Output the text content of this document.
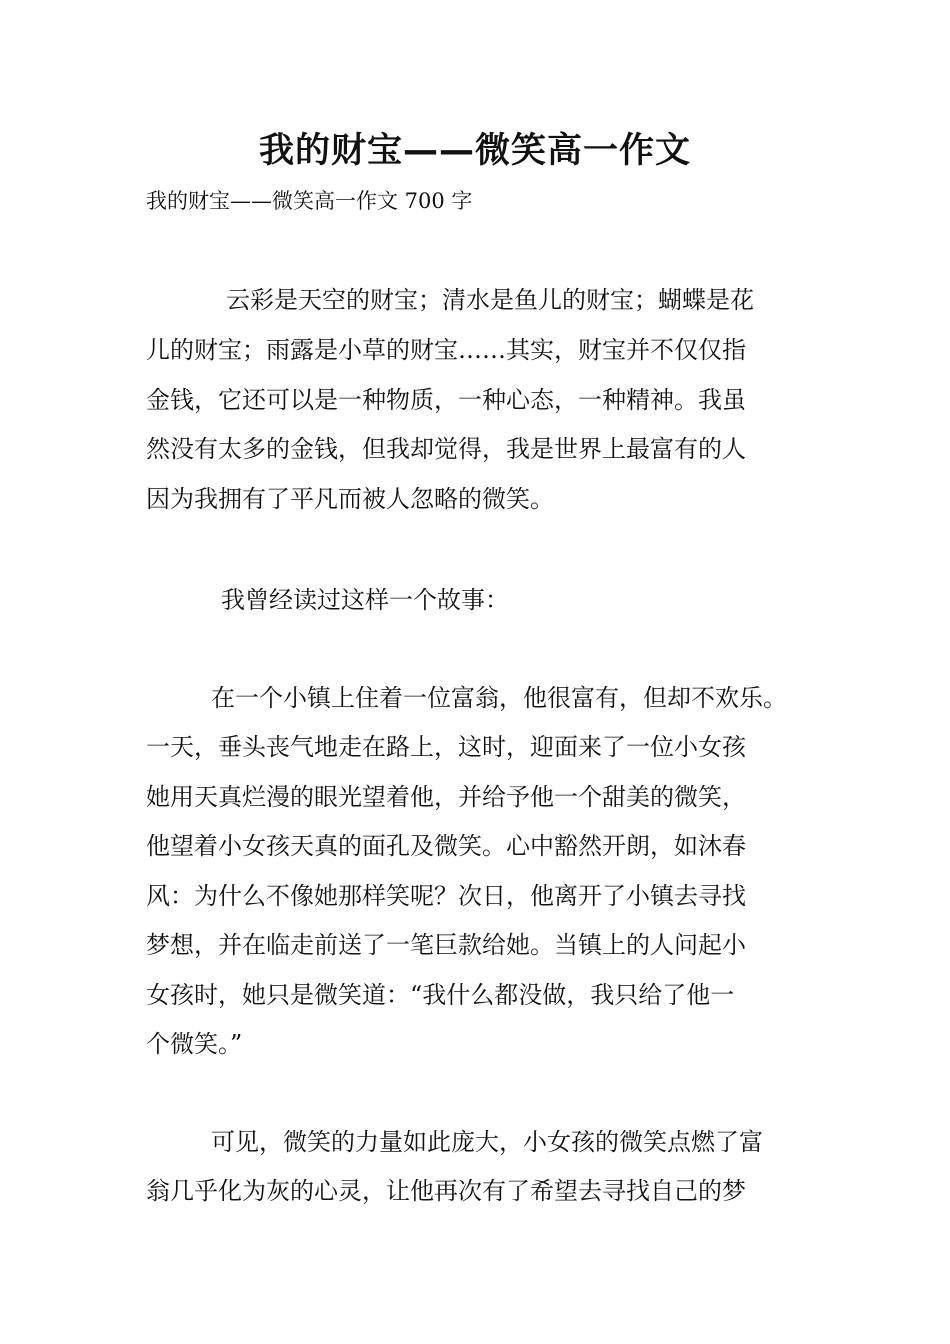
我的财宝——微笑高一作文
我的财宝——微笑高一作文 700 字
云彩是天空的财宝；清水是鱼儿的财宝；蝴蝶是花
儿的财宝；雨露是小草的财宝……其实，财宝并不仅仅指
金钱，它还可以是一种物质，一种心态，一种精神。我虽
然没有太多的金钱，但我却觉得，我是世界上最富有的人
因为我拥有了平凡而被人忽略的微笑。
我曾经读过这样一个故事：
在一个小镇上住着一位富翁，他很富有，但却不欢乐。
一天，垂头丧气地走在路上，这时，迎面来了一位小女孩
她用天真烂漫的眼光望着他，并给予他一个甜美的微笑，
他望着小女孩天真的面孔及微笑。心中豁然开朗，如沐春
风：为什么不像她那样笑呢？次日，他离开了小镇去寻找
梦想，并在临走前送了一笔巨款给她。当镇上的人问起小
女孩时，她只是微笑道：“我什么都没做，我只给了他一
个微笑。”
可见，微笑的力量如此庞大，小女孩的微笑点燃了富
翁几乎化为灰的心灵，让他再次有了希望去寻找自己的梦
